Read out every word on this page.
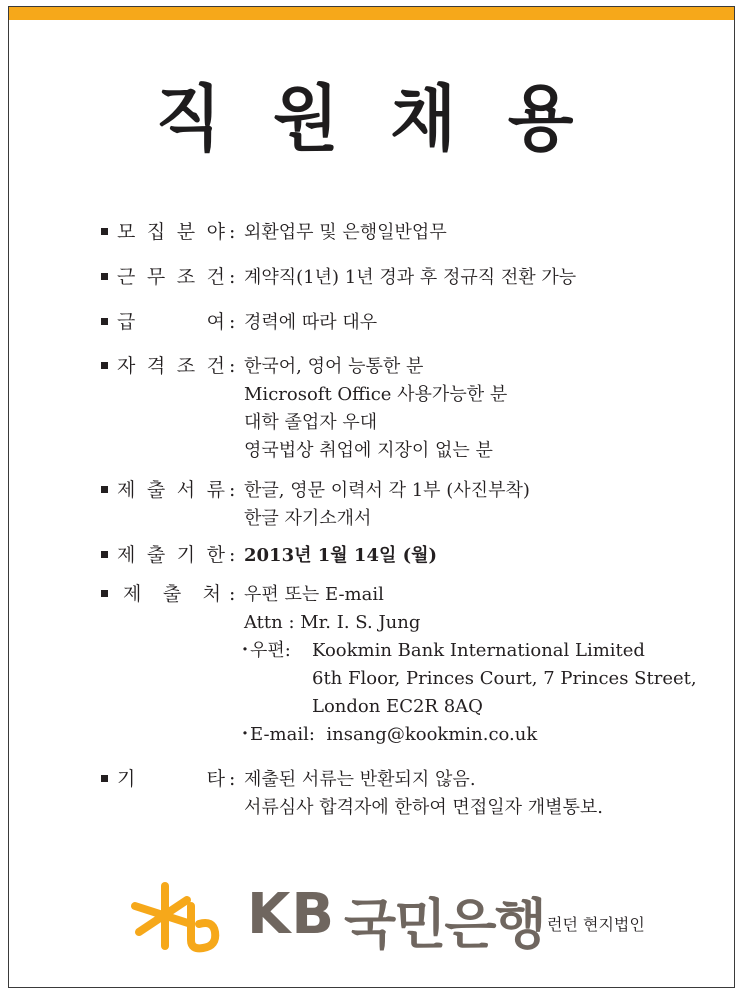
직 원 채 용
모 집 분 야 : 외환업무 및 은행일반업무
근 무 조 건 : 계약직(1년) 1년 경과 후 정규직 전환 가능
급	여 : 경력에 따라 대우
자 격 조 건 : 한국어, 영어 능통한 분
Microsoft Office 사용가능한 분
대학 졸업자 우대
영국법상 취업에 지장이 없는 분
제 출 서 류 : 한글, 영문 이력서 각 1부 (사진부착)
한글 자기소개서
제 출 기 한 : 2013년 1월 14일 (월)
제 출 처 : 우편 또는 E-mail
Attn : Mr. I. S. Jung
・우편: Kookmin Bank International Limited
6th Floor, Princes Court, 7 Princes Street,
London EC2R 8AQ
・E-mail: insang@kookmin.co.uk
기	타 : 제출된 서류는 반환되지 않음.
서류심사 합격자에 한하여 면접일자 개별통보.
KB 국민은행 런던 현지법인
